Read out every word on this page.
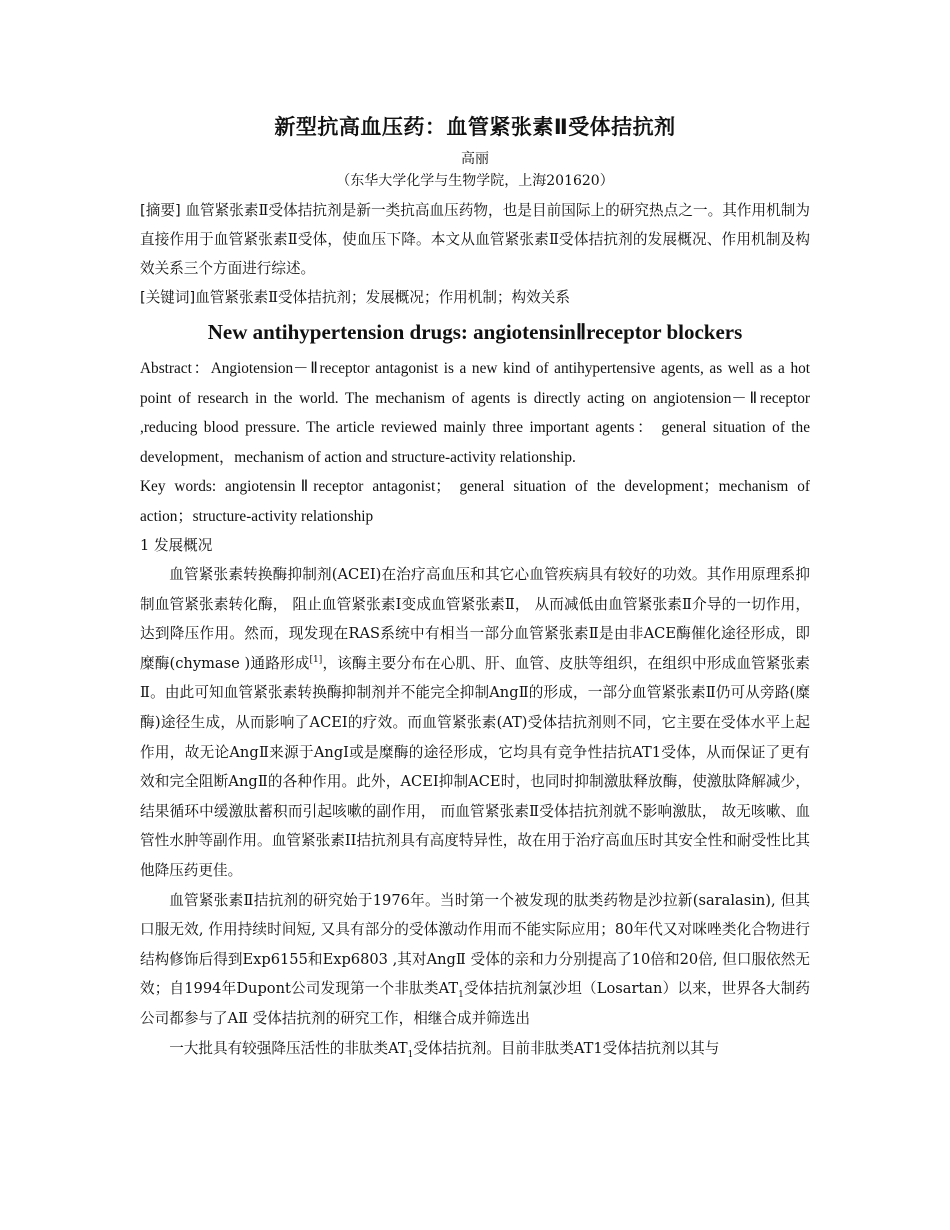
新型抗高血压药：血管紧张素Ⅱ受体拮抗剂

高丽

（东华大学化学与生物学院，上海201620）

[摘要] 血管紧张素Ⅱ受体拮抗剂是新一类抗高血压药物，也是目前国际上的研究热点之一。其作用机制为直接作用于血管紧张素Ⅱ受体，使血压下降。本文从血管紧张素Ⅱ受体拮抗剂的发展概况、作用机制及构效关系三个方面进行综述。

[关键词]血管紧张素Ⅱ受体拮抗剂；发展概况；作用机制；构效关系

New antihypertension drugs: angiotensinⅡreceptor blockers

Abstract：Angiotension－Ⅱreceptor antagonist is a new kind of antihypertensive agents, as well as a hot point of research in the world. The mechanism of agents is directly acting on angiotension－Ⅱreceptor ,reducing blood pressure. The article reviewed mainly three important agents： general situation of the development，mechanism of action and structure-activity relationship.

Key words: angiotensinⅡreceptor antagonist； general situation of the development；mechanism of action；structure-activity relationship

1 发展概况

血管紧张素转换酶抑制剂(ACEI)在治疗高血压和其它心血管疾病具有较好的功效。其作用原理系抑制血管紧张素转化酶， 阻止血管紧张素Ⅰ变成血管紧张素Ⅱ， 从而减低由血管紧张素Ⅱ介导的一切作用，达到降压作用。然而，现发现在RAS系统中有相当一部分血管紧张素Ⅱ是由非ACE酶催化途径形成，即糜酶(chymase )通路形成[1]，该酶主要分布在心肌、肝、血管、皮肤等组织，在组织中形成血管紧张素Ⅱ。由此可知血管紧张素转换酶抑制剂并不能完全抑制AngⅡ的形成，一部分血管紧张素Ⅱ仍可从旁路(糜酶)途径生成，从而影响了ACEI的疗效。而血管紧张素(AT)受体拮抗剂则不同，它主要在受体水平上起作用，故无论AngⅡ来源于AngI或是糜酶的途径形成，它均具有竞争性拮抗AT1受体，从而保证了更有效和完全阻断AngⅡ的各种作用。此外，ACEI抑制ACE时，也同时抑制激肽释放酶，使激肽降解减少， 结果循环中缓激肽蓄积而引起咳嗽的副作用， 而血管紧张素Ⅱ受体拮抗剂就不影响激肽， 故无咳嗽、血管性水肿等副作用。血管紧张素II拮抗剂具有高度特异性，故在用于治疗高血压时其安全性和耐受性比其他降压药更佳。

血管紧张素Ⅱ拮抗剂的研究始于1976年。当时第一个被发现的肽类药物是沙拉新(saralasin), 但其口服无效, 作用持续时间短, 又具有部分的受体激动作用而不能实际应用；80年代又对咪唑类化合物进行结构修饰后得到Exp6155和Exp6803 ,其对AngⅡ 受体的亲和力分别提高了10倍和20倍, 但口服依然无效；自1994年Dupont公司发现第一个非肽类$AT_1$受体拮抗剂氯沙坦（Losartan）以来，世界各大制药公司都参与了AⅡ 受体拮抗剂的研究工作，相继合成并筛选出

一大批具有较强降压活性的非肽类$AT_1$受体拮抗剂。目前非肽类AT1受体拮抗剂以其与
